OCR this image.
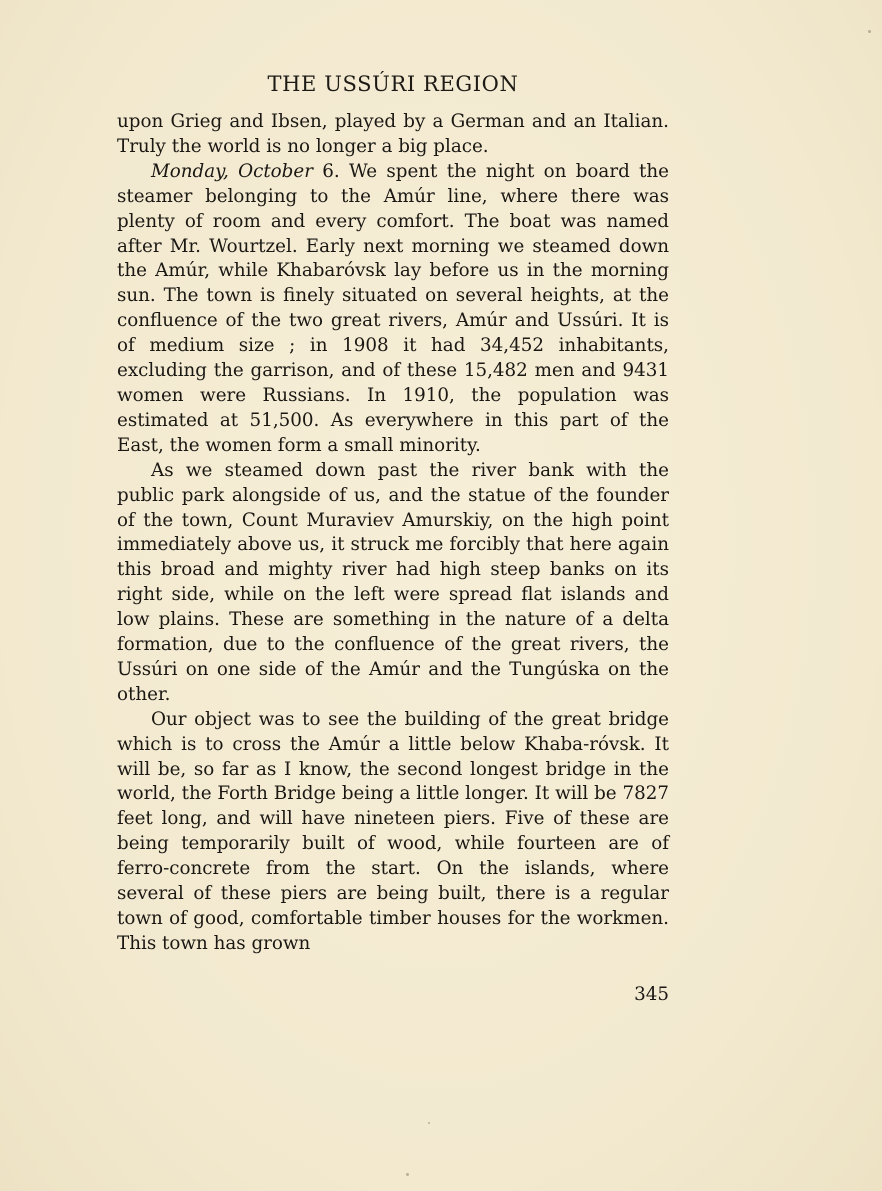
THE USSÚRI REGION

upon Grieg and Ibsen, played by a German and an Italian. Truly the world is no longer a big place.

Monday, October 6. We spent the night on board the steamer belonging to the Amúr line, where there was plenty of room and every comfort. The boat was named after Mr. Wourtzel. Early next morning we steamed down the Amúr, while Khabaróvsk lay before us in the morning sun. The town is finely situated on several heights, at the confluence of the two great rivers, Amúr and Ussúri. It is of medium size ; in 1908 it had 34,452 inhabitants, excluding the garrison, and of these 15,482 men and 9431 women were Russians. In 1910, the population was estimated at 51,500. As everywhere in this part of the East, the women form a small minority.

As we steamed down past the river bank with the public park alongside of us, and the statue of the founder of the town, Count Muraviev Amurskiy, on the high point immediately above us, it struck me forcibly that here again this broad and mighty river had high steep banks on its right side, while on the left were spread flat islands and low plains. These are something in the nature of a delta formation, due to the confluence of the great rivers, the Ussúri on one side of the Amúr and the Tungúska on the other.

Our object was to see the building of the great bridge which is to cross the Amúr a little below Khaba-róvsk. It will be, so far as I know, the second longest bridge in the world, the Forth Bridge being a little longer. It will be 7827 feet long, and will have nineteen piers. Five of these are being temporarily built of wood, while fourteen are of ferro-concrete from the start. On the islands, where several of these piers are being built, there is a regular town of good, comfortable timber houses for the workmen. This town has grown

345
